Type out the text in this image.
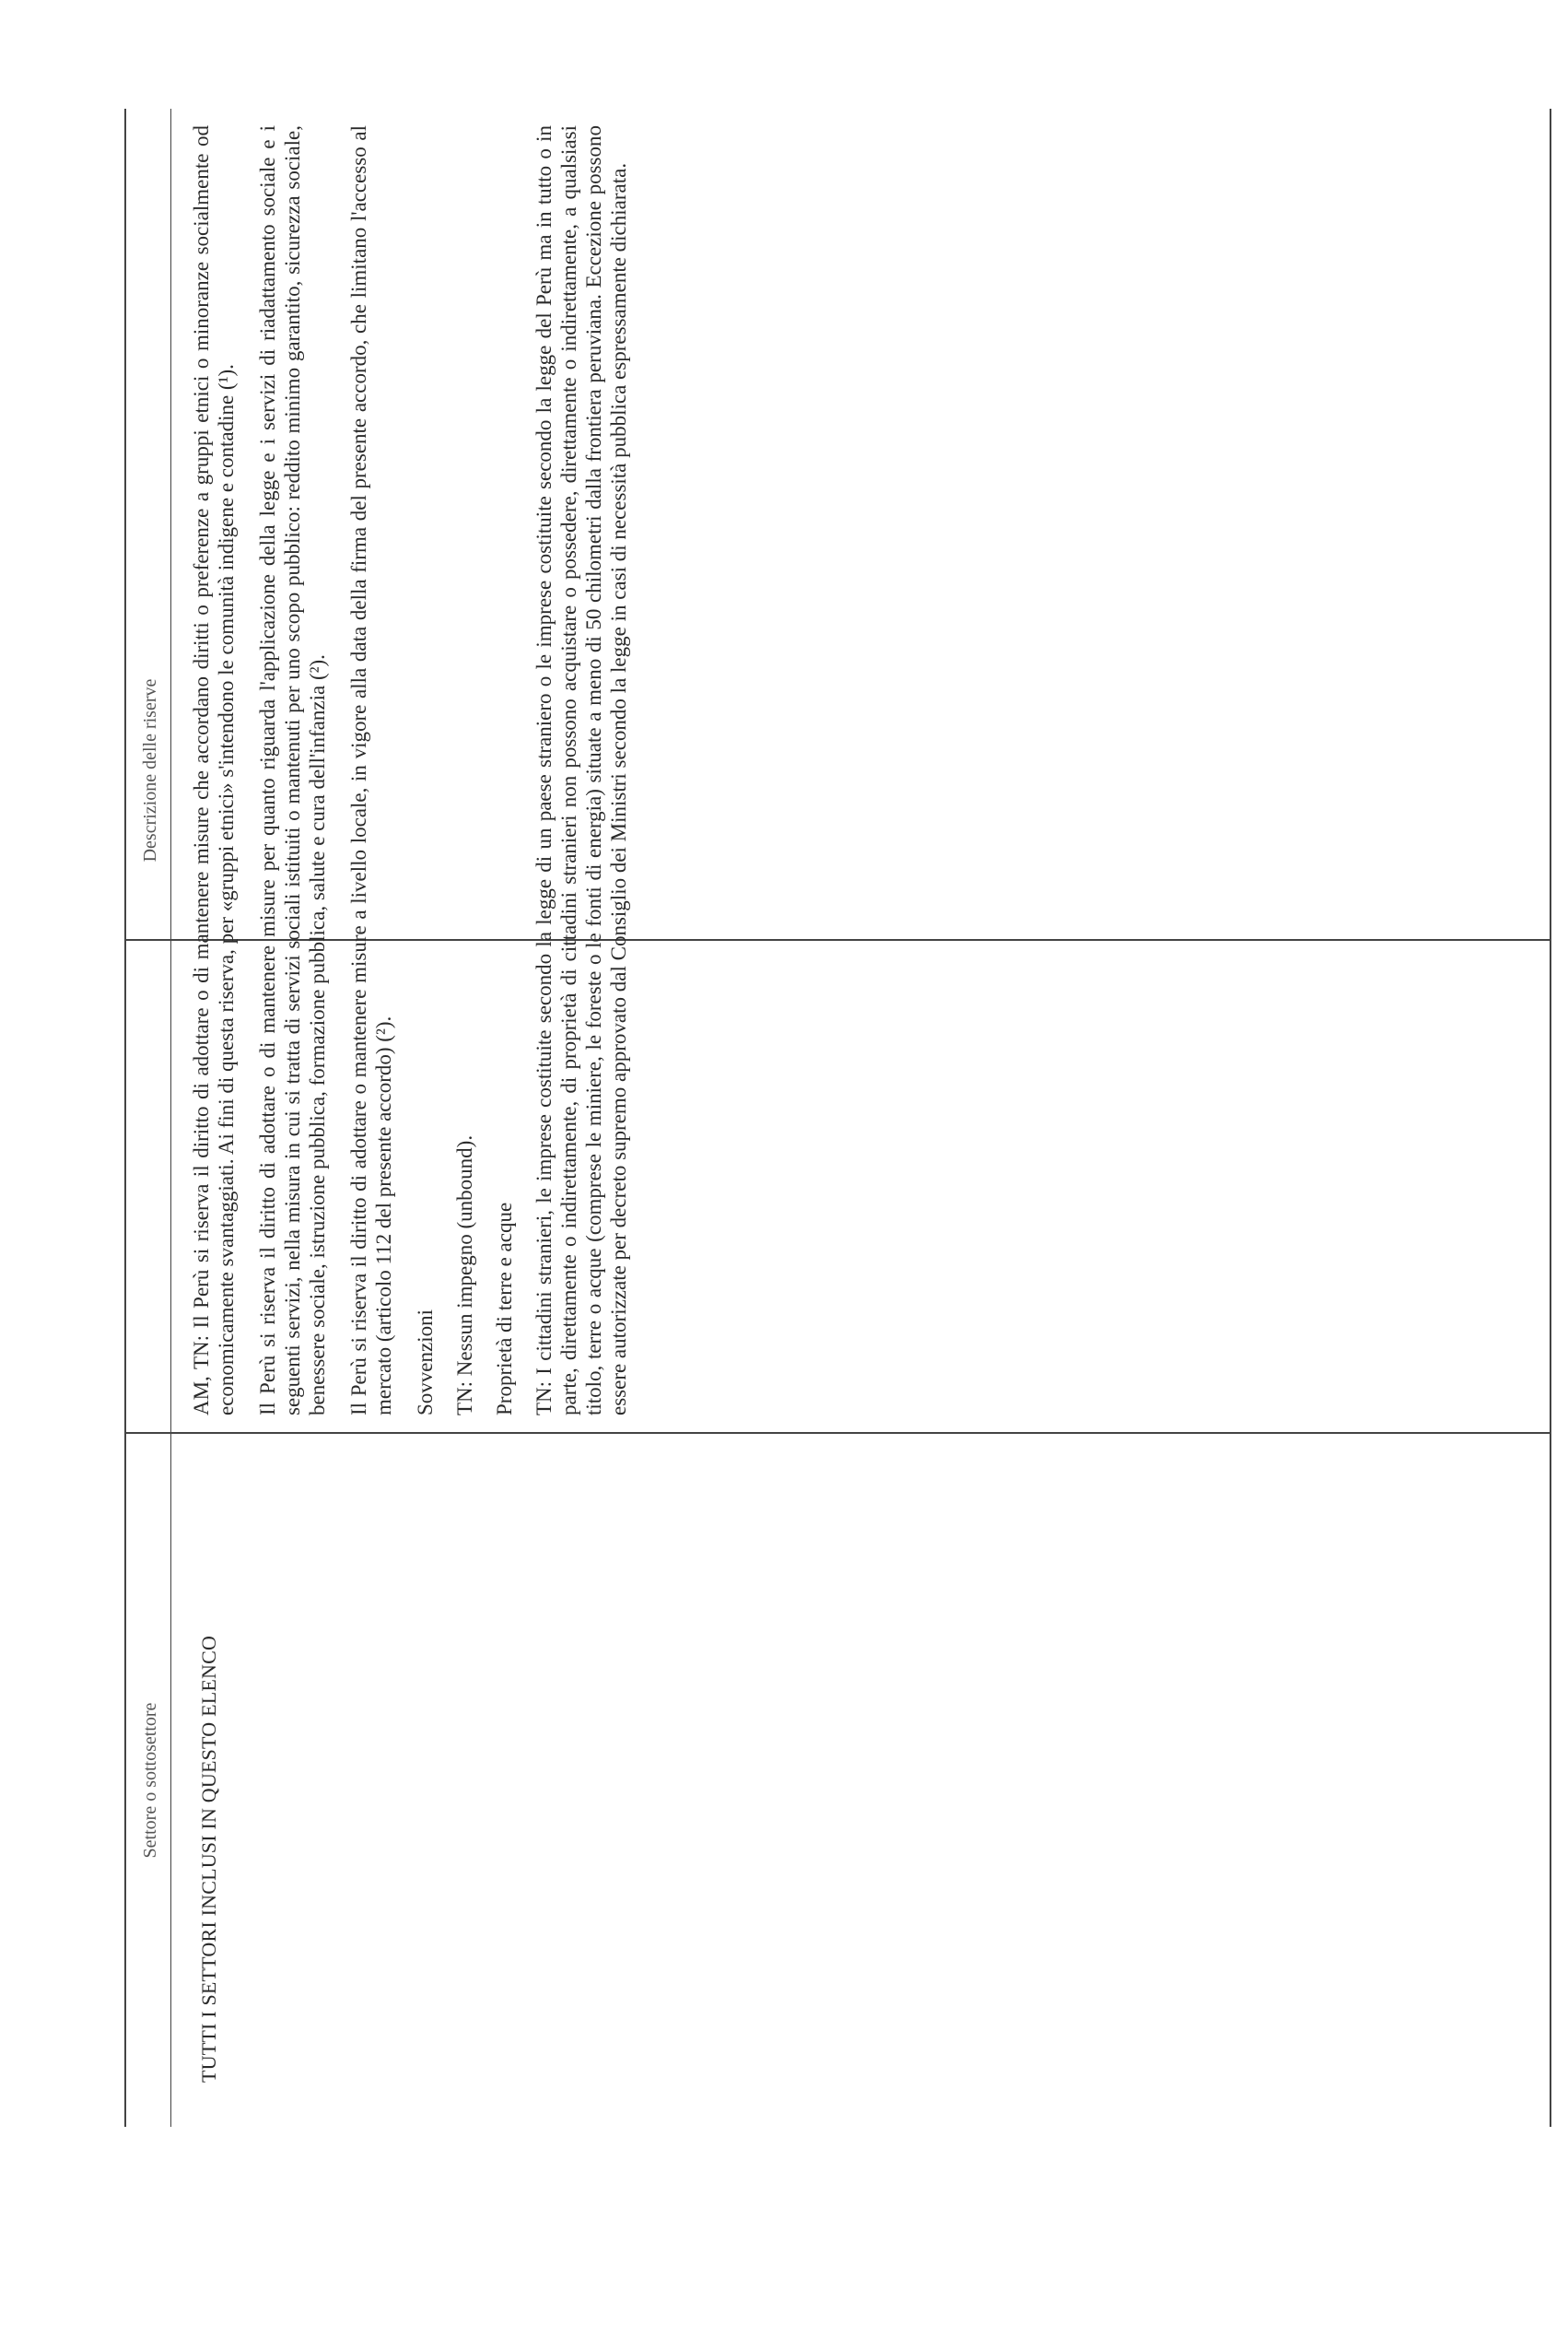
Settore o sottosettore
Descrizione delle riserve
TUTTI I SETTORI INCLUSI IN QUESTO ELENCO

AM, TN: Il Perù si riserva il diritto di adottare o di mantenere misure che accordano diritti o preferenze a gruppi etnici o minoranze socialmente od economicamente svantaggiati. Ai fini di questa riserva, per «gruppi etnici» s'intendono le comunità indigene e contadine (¹). Il Perù si riserva il diritto di adottare o di mantenere misure per quanto riguarda l'applicazione della legge e i servizi di riadattamento sociale e i seguenti servizi, nella misura in cui si tratta di servizi sociali istituiti o mantenuti per uno scopo pubblico: reddito minimo garantito, sicurezza sociale, benessere sociale, istruzione pubblica, formazione pubblica, salute e cura dell'infanzia (²). Il Perù si riserva il diritto di adottare o mantenere misure a livello locale, in vigore alla data della firma del presente accordo, che limitano l'accesso al mercato (articolo 112 del presente accordo) (²). Sovvenzioni TN: Nessun impegno (unbound). Proprietà di terre e acque TN: I cittadini stranieri, le imprese costituite secondo la legge di un paese straniero o le imprese costituite secondo la legge del Perù ma in tutto o in parte, direttamente o indirettamente, di proprietà di cittadini stranieri non possono acquistare o possedere, direttamente o indirettamente, a qualsiasi titolo, terre o acque (comprese le miniere, le foreste o le fonti di energia) situate a meno di 50 chilometri dalla frontiera peruviana. Eccezione possono essere autorizzate per decreto supremo approvato dal Consiglio dei Ministri secondo la legge in casi di necessità pubblica espressamente dichiarata.
